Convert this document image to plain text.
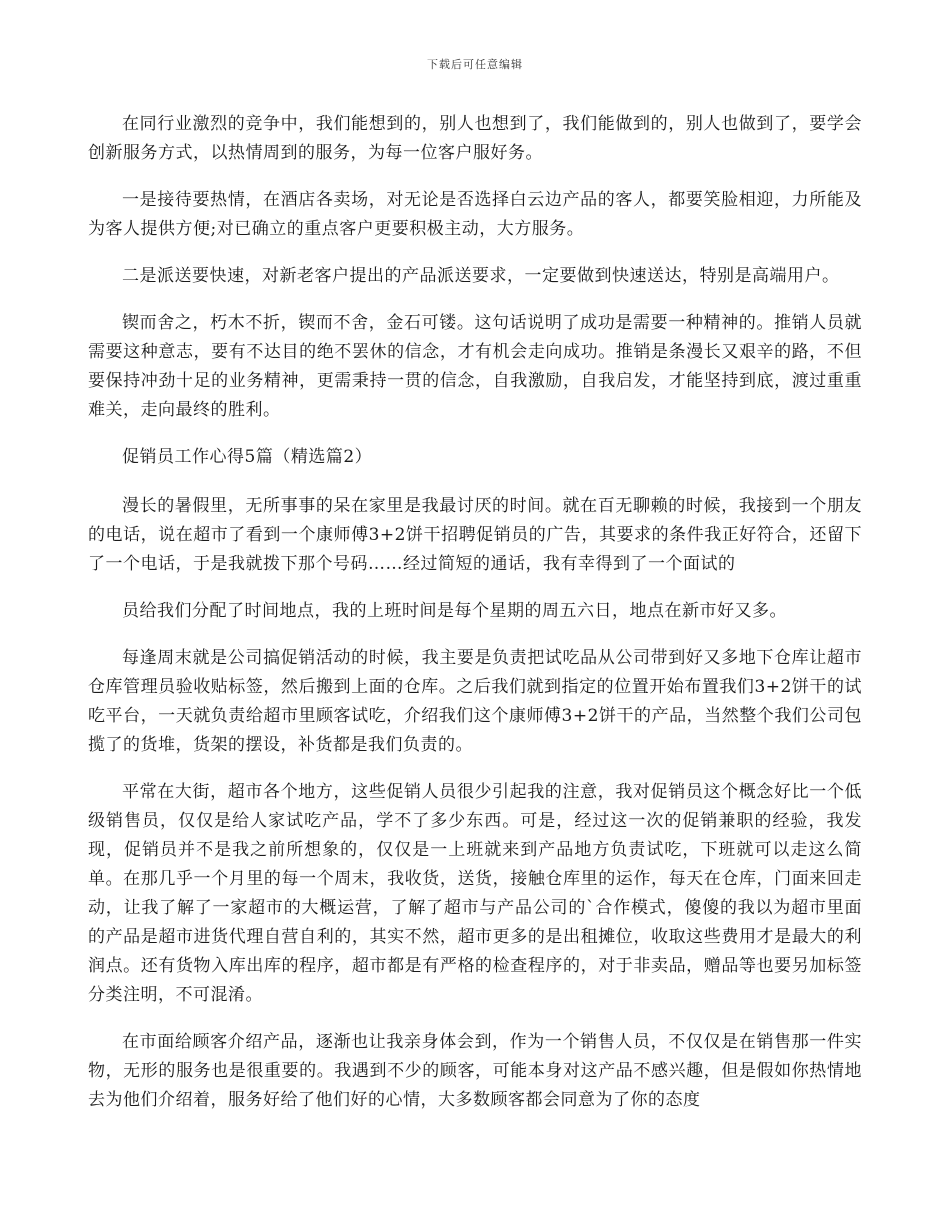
下载后可任意编辑

在同行业激烈的竞争中，我们能想到的，别人也想到了，我们能做到的，别人也做到了，要学会创新服务方式，以热情周到的服务，为每一位客户服好务。

一是接待要热情，在酒店各卖场，对无论是否选择白云边产品的客人，都要笑脸相迎，力所能及为客人提供方便;对已确立的重点客户更要积极主动，大方服务。

二是派送要快速，对新老客户提出的产品派送要求，一定要做到快速送达，特别是高端用户。

锲而舍之，朽木不折，锲而不舍，金石可镂。这句话说明了成功是需要一种精神的。推销人员就需要这种意志，要有不达目的绝不罢休的信念，才有机会走向成功。推销是条漫长又艰辛的路，不但要保持冲劲十足的业务精神，更需秉持一贯的信念，自我激励，自我启发，才能坚持到底，渡过重重难关，走向最终的胜利。

促销员工作心得5篇（精选篇2）

漫长的暑假里，无所事事的呆在家里是我最讨厌的时间。就在百无聊赖的时候，我接到一个朋友的电话，说在超市了看到一个康师傅3+2饼干招聘促销员的广告，其要求的条件我正好符合，还留下了一个电话，于是我就拨下那个号码……经过简短的通话，我有幸得到了一个面试的

员给我们分配了时间地点，我的上班时间是每个星期的周五六日，地点在新市好又多。

每逢周末就是公司搞促销活动的时候，我主要是负责把试吃品从公司带到好又多地下仓库让超市仓库管理员验收贴标签，然后搬到上面的仓库。之后我们就到指定的位置开始布置我们3+2饼干的试吃平台，一天就负责给超市里顾客试吃，介绍我们这个康师傅3+2饼干的产品，当然整个我们公司包揽了的货堆，货架的摆设，补货都是我们负责的。

平常在大街，超市各个地方，这些促销人员很少引起我的注意，我对促销员这个概念好比一个低级销售员，仅仅是给人家试吃产品，学不了多少东西。可是，经过这一次的促销兼职的经验，我发现，促销员并不是我之前所想象的，仅仅是一上班就来到产品地方负责试吃，下班就可以走这么简单。在那几乎一个月里的每一个周末，我收货，送货，接触仓库里的运作，每天在仓库，门面来回走动，让我了解了一家超市的大概运营，了解了超市与产品公司的`合作模式，傻傻的我以为超市里面的产品是超市进货代理自营自利的，其实不然，超市更多的是出租摊位，收取这些费用才是最大的利润点。还有货物入库出库的程序，超市都是有严格的检查程序的，对于非卖品，赠品等也要另加标签分类注明，不可混淆。

在市面给顾客介绍产品，逐渐也让我亲身体会到，作为一个销售人员，不仅仅是在销售那一件实物，无形的服务也是很重要的。我遇到不少的顾客，可能本身对这产品不感兴趣，但是假如你热情地去为他们介绍着，服务好给了他们好的心情，大多数顾客都会同意为了你的态度
